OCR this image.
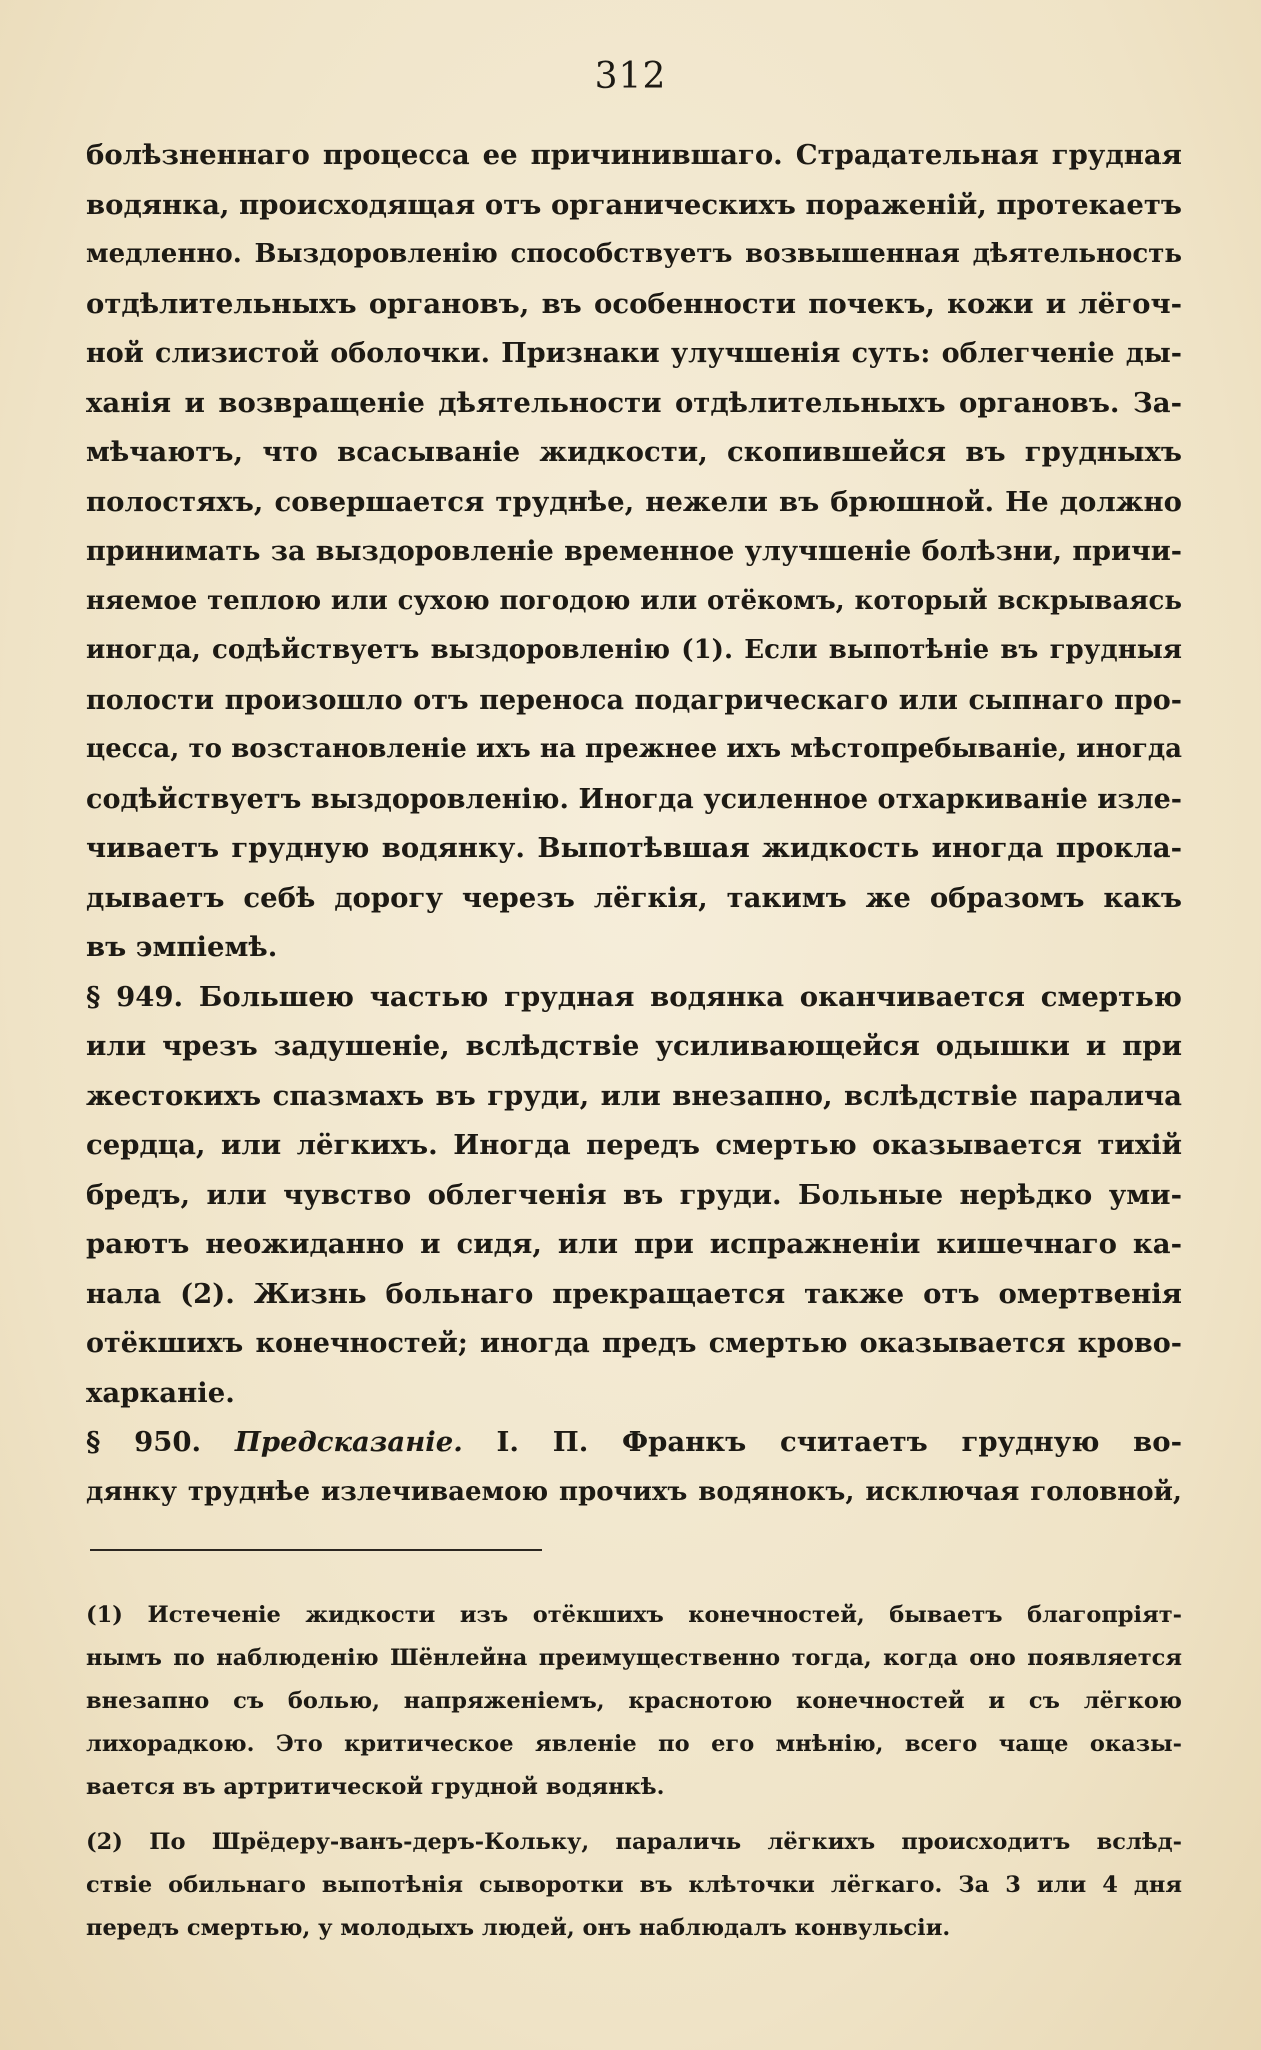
312
болѣзненнаго процесса ее причинившаго. Страдательная грудная
водянка, происходящая отъ органическихъ пораженій, протекаетъ
медленно. Выздоровленію способствуетъ возвышенная дѣятельность
отдѣлительныхъ органовъ, въ особенности почекъ, кожи и лёгоч-
ной слизистой оболочки. Признаки улучшенія суть: облегченіе ды-
ханія и возвращеніе дѣятельности отдѣлительныхъ органовъ. За-
мѣчаютъ, что всасываніе жидкости, скопившейся въ грудныхъ
полостяхъ, совершается труднѣе, нежели въ брюшной. Не должно
принимать за выздоровленіе временное улучшеніе болѣзни, причи-
няемое теплою или сухою погодою или отёкомъ, который вскрываясь
иногда, содѣйствуетъ выздоровленію (1). Если выпотѣніе въ грудныя
полости произошло отъ переноса подагрическаго или сыпнаго про-
цесса, то возстановленіе ихъ на прежнее ихъ мѣстопребываніе, иногда
содѣйствуетъ выздоровленію. Иногда усиленное отхаркиваніе изле-
чиваетъ грудную водянку. Выпотѣвшая жидкость иногда прокла-
дываетъ себѣ дорогу черезъ лёгкія, такимъ же образомъ какъ
въ эмпіемѣ.
§ 949. Большею частью грудная водянка оканчивается смертью
или чрезъ задушеніе, вслѣдствіе усиливающейся одышки и при
жестокихъ спазмахъ въ груди, или внезапно, вслѣдствіе паралича
сердца, или лёгкихъ. Иногда передъ смертью оказывается тихій
бредъ, или чувство облегченія въ груди. Больные нерѣдко уми-
раютъ неожиданно и сидя, или при испражненіи кишечнаго ка-
нала (2). Жизнь больнаго прекращается также отъ омертвенія
отёкшихъ конечностей; иногда предъ смертью оказывается крово-
харканіе.
§ 950. Предсказаніе. I. П. Франкъ считаетъ грудную во-
дянку труднѣе излечиваемою прочихъ водянокъ, исключая головной,
(1) Истеченіе жидкости изъ отёкшихъ конечностей, бываетъ благопріят-
нымъ по наблюденію Шёнлейна преимущественно тогда, когда оно появляется
внезапно съ болью, напряженіемъ, краснотою конечностей и съ лёгкою
лихорадкою. Это критическое явленіе по его мнѣнію, всего чаще оказы-
вается въ артритической грудной водянкѣ.
(2) По Шрёдеру-ванъ-деръ-Кольку, параличь лёгкихъ происходитъ вслѣд-
ствіе обильнаго выпотѣнія сыворотки въ клѣточки лёгкаго. За 3 или 4 дня
передъ смертью, у молодыхъ людей, онъ наблюдалъ конвульсіи.
